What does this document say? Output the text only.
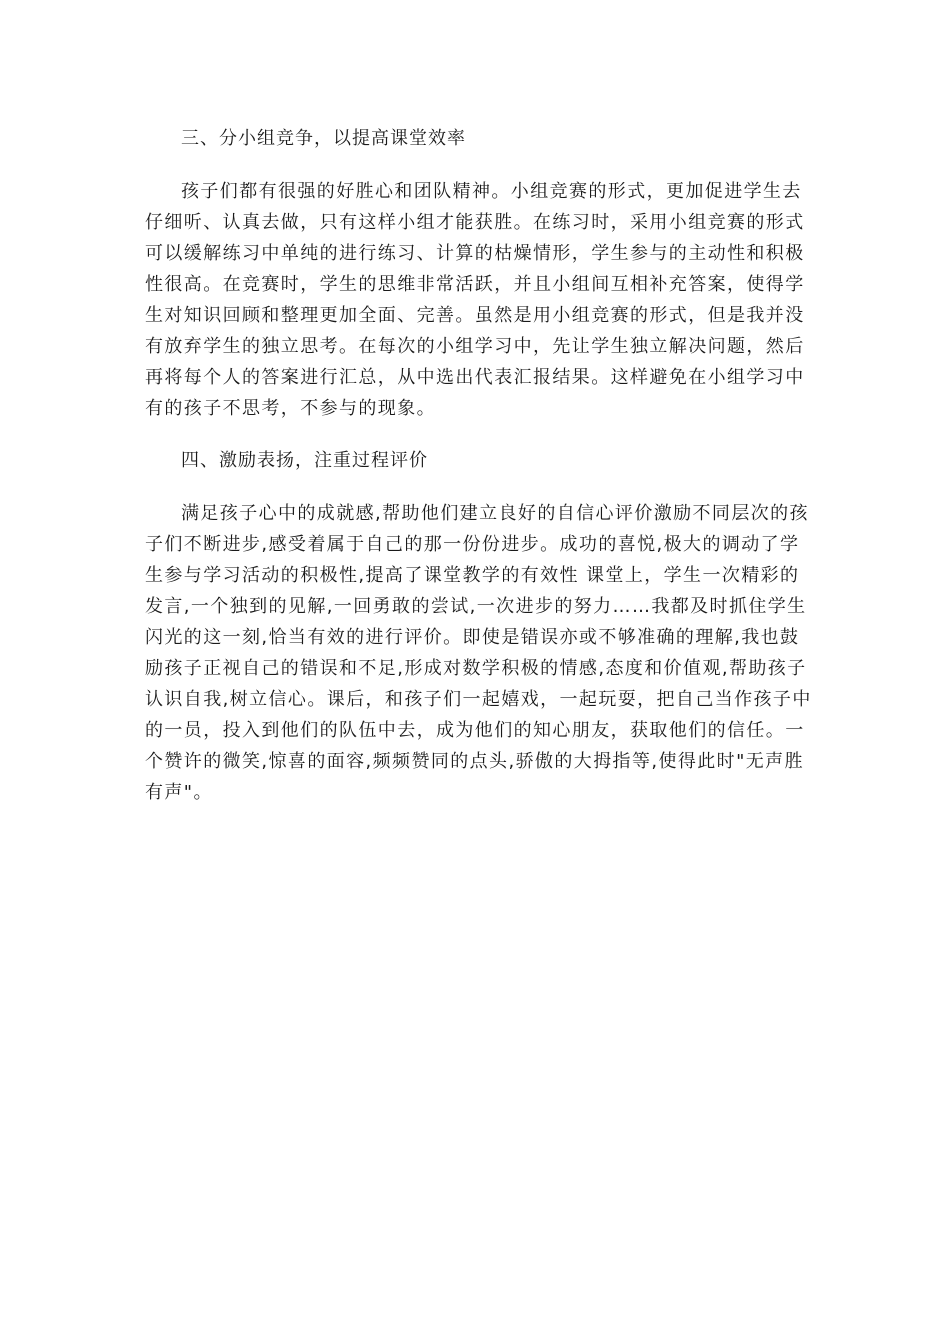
三、分小组竞争，以提高课堂效率

孩子们都有很强的好胜心和团队精神。小组竞赛的形式，更加促进学生去
仔细听、认真去做，只有这样小组才能获胜。在练习时，采用小组竞赛的形式
可以缓解练习中单纯的进行练习、计算的枯燥情形，学生参与的主动性和积极
性很高。在竞赛时，学生的思维非常活跃，并且小组间互相补充答案，使得学
生对知识回顾和整理更加全面、完善。虽然是用小组竞赛的形式，但是我并没
有放弃学生的独立思考。在每次的小组学习中，先让学生独立解决问题，然后
再将每个人的答案进行汇总，从中选出代表汇报结果。这样避免在小组学习中
有的孩子不思考，不参与的现象。

四、激励表扬，注重过程评价

满足孩子心中的成就感,帮助他们建立良好的自信心评价激励不同层次的孩
子们不断进步,感受着属于自己的那一份份进步。成功的喜悦,极大的调动了学
生参与学习活动的积极性,提高了课堂教学的有效性 课堂上，学生一次精彩的
发言,一个独到的见解,一回勇敢的尝试,一次进步的努力……我都及时抓住学生
闪光的这一刻,恰当有效的进行评价。即使是错误亦或不够准确的理解,我也鼓
励孩子正视自己的错误和不足,形成对数学积极的情感,态度和价值观,帮助孩子
认识自我,树立信心。课后，和孩子们一起嬉戏，一起玩耍，把自己当作孩子中
的一员，投入到他们的队伍中去，成为他们的知心朋友，获取他们的信任。一
个赞许的微笑,惊喜的面容,频频赞同的点头,骄傲的大拇指等,使得此时"无声胜
有声"。
